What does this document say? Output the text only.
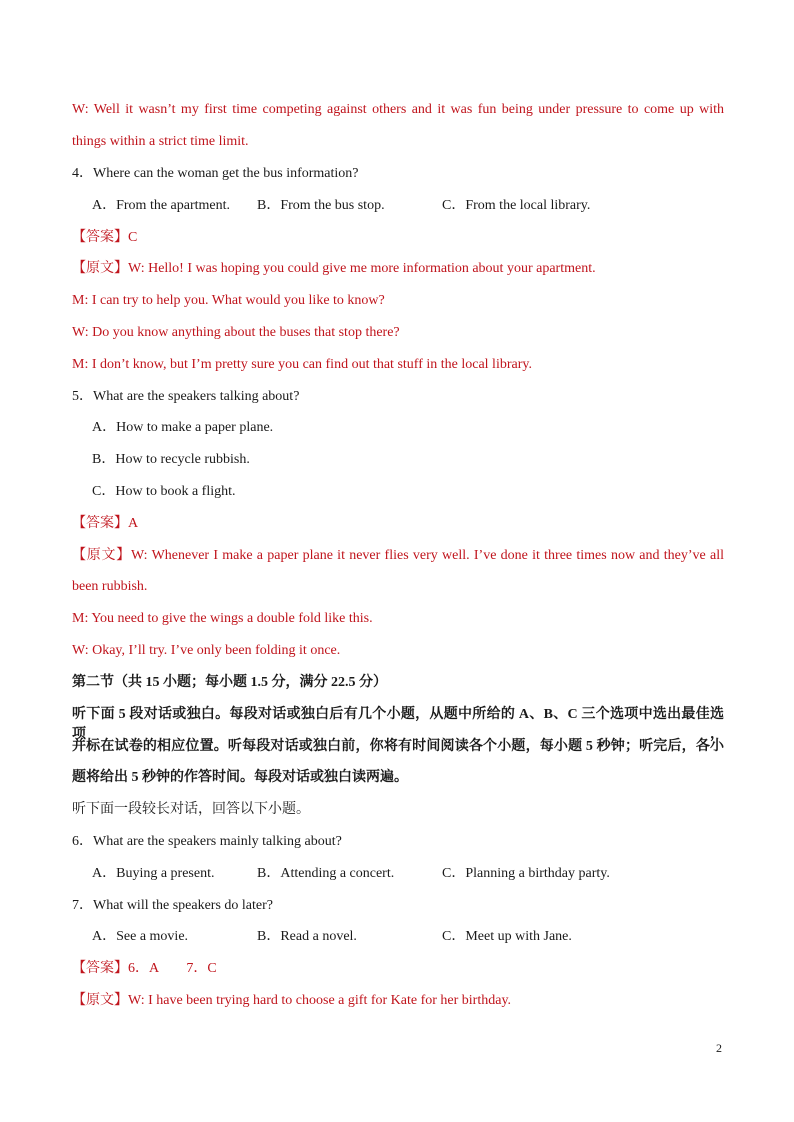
W: Well it wasn’t my first time competing against others and it was fun being under pressure to come up with
things within a strict time limit.
4．Where can the woman get the bus information?
A．From the apartment. B．From the bus stop.	C．From the local library.
【答案】C
【原文】W: Hello! I was hoping you could give me more information about your apartment.
M: I can try to help you. What would you like to know?
W: Do you know anything about the buses that stop there?
M: I don’t know, but I’m pretty sure you can find out that stuff in the local library.
5．What are the speakers talking about?
A．How to make a paper plane.
B．How to recycle rubbish.
C．How to book a flight.
【答案】A
【原文】W: Whenever I make a paper plane it never flies very well. I’ve done it three times now and they’ve all
been rubbish.
M: You need to give the wings a double fold like this.
W: Okay, I’ll try. I’ve only been folding it once.
第二节（共 15 小题；每小题 1.5 分，满分 22.5 分）
听下面 5 段对话或独白。每段对话或独白后有几个小题，从题中所给的 A、B、C 三个选项中选出最佳选项，
并标在试卷的相应位置。听每段对话或独白前，你将有时间阅读各个小题，每小题 5 秒钟；听完后，各小
题将给出 5 秒钟的作答时间。每段对话或独白读两遍。
听下面一段较长对话，回答以下小题。
6．What are the speakers mainly talking about?
A．Buying a present.	B．Attending a concert.	C．Planning a birthday party.
7．What will the speakers do later?
A．See a movie.	B．Read a novel.	C．Meet up with Jane.
【答案】6．A　　7．C
【原文】W: I have been trying hard to choose a gift for Kate for her birthday.
2
